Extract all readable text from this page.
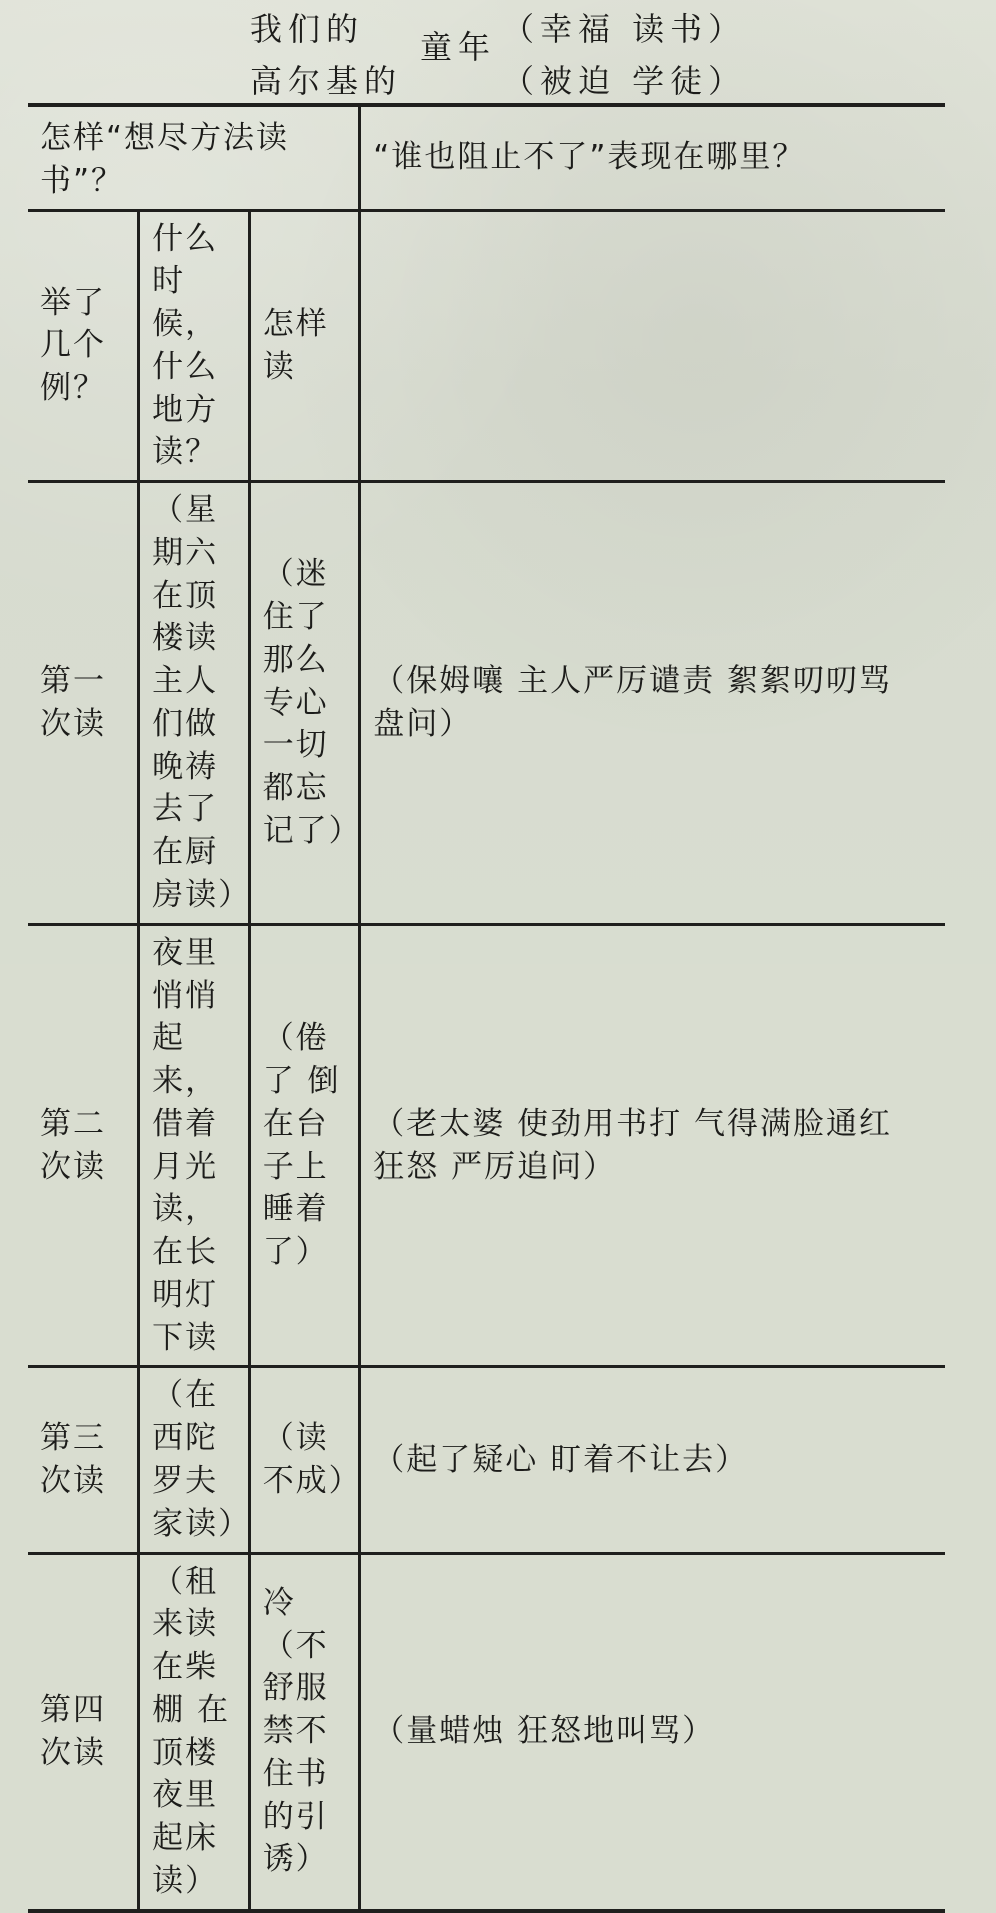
我们的
高尔基的
童年 （幸福 读书）
（被迫 学徒）
怎样“想尽方法读书”？			“谁也阻止不了”表现在哪里？
举了几个例？	什么时候，什么地方读？	怎样读	
第一次读	（星期六 在顶楼读主人们做晚祷去了 在厨房读）	（迷住了 那么专心 一切都忘记了）	（保姆嚷 主人严厉谴责 絮絮叨叨骂 盘问）
第二次读	夜里悄悄起来，借着月光读，在长明灯下读	（倦了 倒在台子上 睡着了）	（老太婆 使劲用书打 气得满脸通红 狂怒 严厉追问）
第三次读	（在西陀罗夫家读）	（读不成）	（起了疑心 盯着不让去）
第四次读	（租来读 在柴棚 在顶楼 夜里起床读）	冷 （不舒服 禁不住书的引诱）	（量蜡烛 狂怒地叫骂）
